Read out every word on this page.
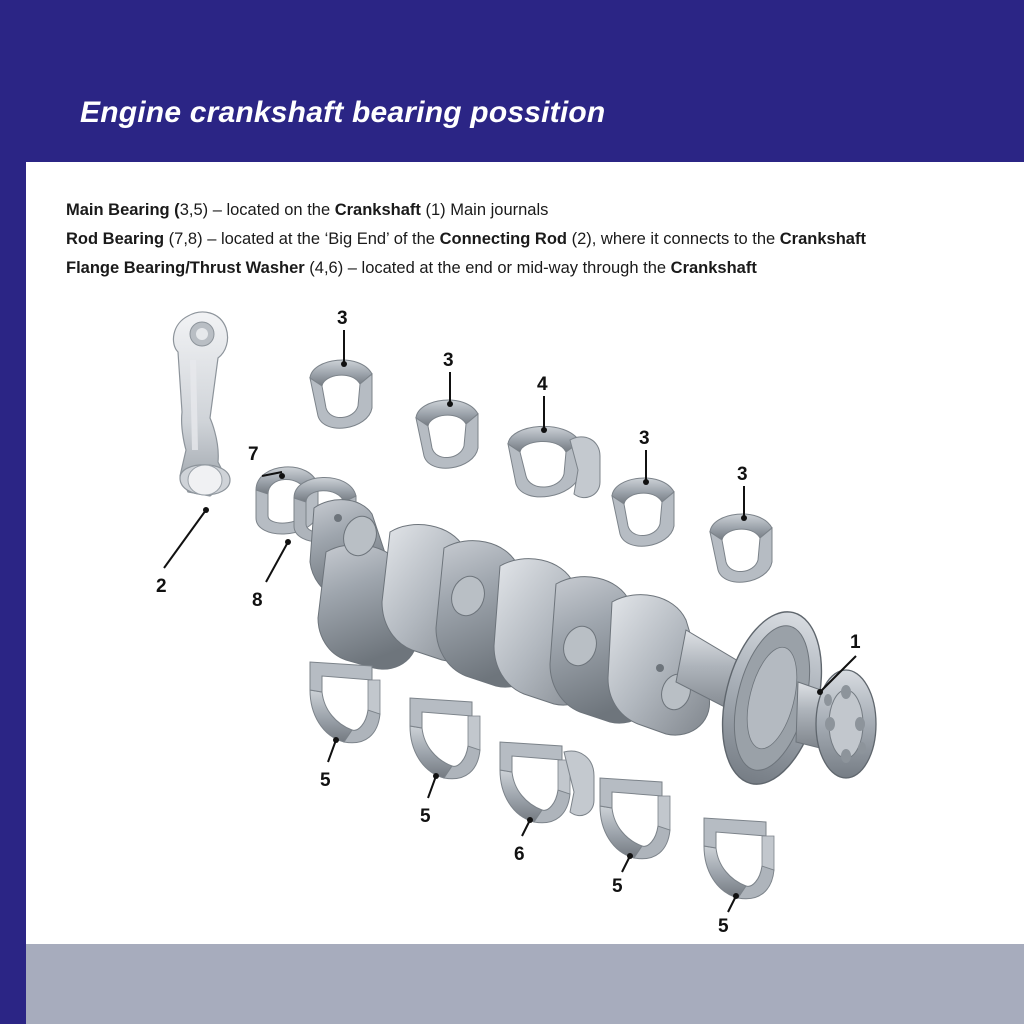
Engine crankshaft bearing possition
Main Bearing (3,5) – located on the Crankshaft (1) Main journals
Rod Bearing (7,8) – located at the ‘Big End’ of the Connecting Rod (2), where it connects to the Crankshaft
Flange Bearing/Thrust Washer (4,6) – located at the end or mid-way through the Crankshaft
2
7
8
3
3
4
3
3
1
5
5
6
5
5
